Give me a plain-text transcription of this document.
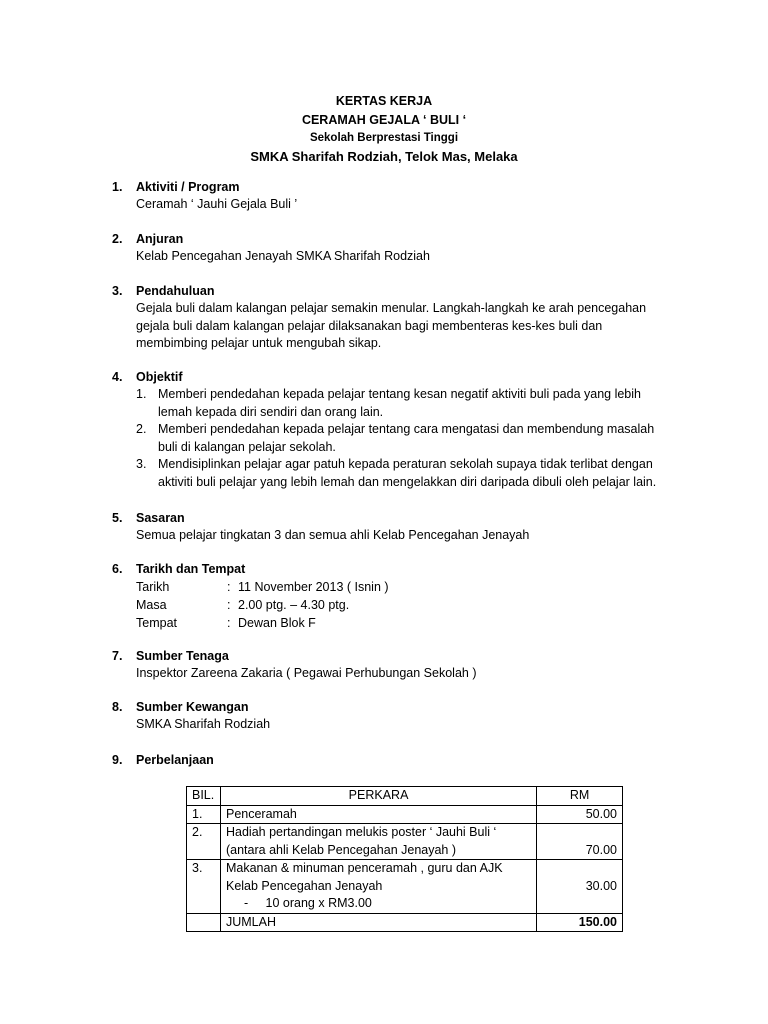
KERTAS KERJA
CERAMAH GEJALA ‘ BULI ‘
Sekolah Berprestasi Tinggi
SMKA Sharifah Rodziah, Telok Mas, Melaka
1. Aktiviti / Program
Ceramah ‘ Jauhi Gejala Buli ’
2. Anjuran
Kelab Pencegahan Jenayah SMKA Sharifah Rodziah
3. Pendahuluan
Gejala buli dalam kalangan pelajar semakin menular. Langkah-langkah ke arah pencegahan
gejala buli dalam kalangan pelajar dilaksanakan bagi membenteras kes-kes buli dan
membimbing pelajar untuk mengubah sikap.
4. Objektif
1. Memberi pendedahan kepada pelajar tentang kesan negatif aktiviti buli pada yang lebih
lemah kepada diri sendiri dan orang lain.
2. Memberi pendedahan kepada pelajar tentang cara mengatasi dan membendung masalah
buli di kalangan pelajar sekolah.
3. Mendisiplinkan pelajar agar patuh kepada peraturan sekolah supaya tidak terlibat dengan
aktiviti buli pelajar yang lebih lemah dan mengelakkan diri daripada dibuli oleh pelajar lain.
5. Sasaran
Semua pelajar tingkatan 3 dan semua ahli Kelab Pencegahan Jenayah
6. Tarikh dan Tempat
Tarikh	: 11 November 2013 ( Isnin )
Masa	: 2.00 ptg. – 4.30 ptg.
Tempat	: Dewan Blok F
7. Sumber Tenaga
Inspektor Zareena Zakaria ( Pegawai Perhubungan Sekolah )
8. Sumber Kewangan
SMKA Sharifah Rodziah
9. Perbelanjaan
BIL.	PERKARA	RM
1.	Penceramah	50.00
2.	Hadiah pertandingan melukis poster ‘ Jauhi Buli ‘
(antara ahli Kelab Pencegahan Jenayah )	70.00
3.	Makanan & minuman penceramah , guru dan AJK
Kelab Pencegahan Jenayah
- 10 orang x RM3.00	30.00
	JUMLAH	150.00
